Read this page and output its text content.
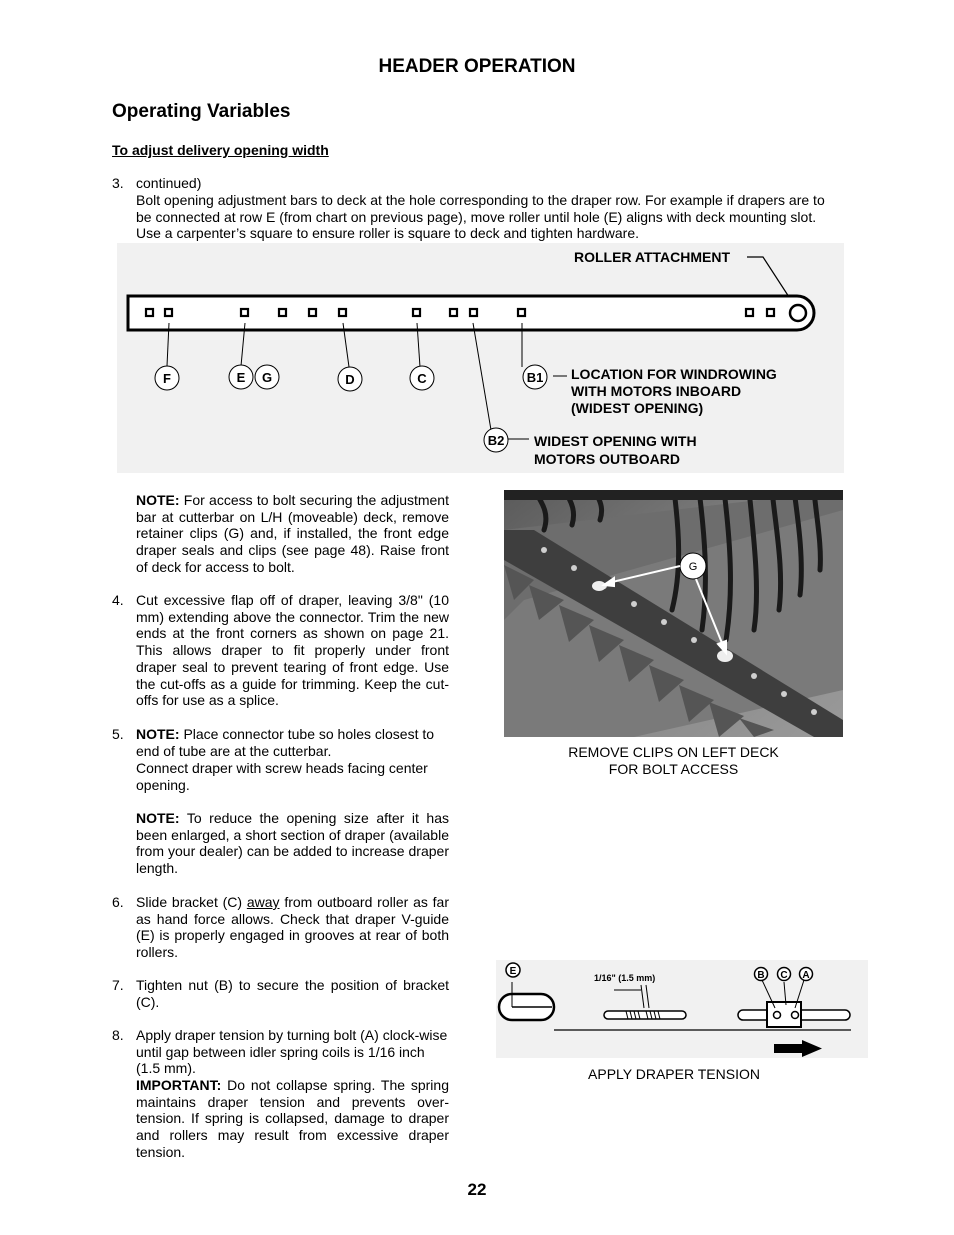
HEADER OPERATION
Operating Variables
To adjust delivery opening width
3. continued)
Bolt opening adjustment bars to deck at the hole corresponding to the draper row. For example if drapers are to be connected at row E (from chart on previous page), move roller until hole (E) aligns with deck mounting slot. Use a carpenter’s square to ensure roller is square to deck and tighten hardware.
ROLLER ATTACHMENT
F	E G	D	C	B1
B2
LOCATION FOR WINDROWING
WITH MOTORS INBOARD
(WIDEST OPENING)
WIDEST OPENING WITH
MOTORS OUTBOARD
NOTE: For access to bolt securing the adjustment bar at cutterbar on L/H (moveable) deck, remove retainer clips (G) and, if installed, the front edge draper seals and clips (see page 48). Raise front of deck for access to bolt.
4. Cut excessive flap off of draper, leaving 3/8" (10 mm) extending above the connector. Trim the new ends at the front corners as shown on page 21. This allows draper to fit properly under front draper seal to prevent tearing of front edge. Use the cut-offs as a guide for trimming. Keep the cut-offs for use as a splice.
5. NOTE: Place connector tube so holes closest to end of tube are at the cutterbar.
Connect draper with screw heads facing center opening.
NOTE: To reduce the opening size after it has been enlarged, a short section of draper (available from your dealer) can be added to increase draper length.
6. Slide bracket (C) away from outboard roller as far as hand force allows. Check that draper V-guide (E) is properly engaged in grooves at rear of both rollers.
7. Tighten nut (B) to secure the position of bracket (C).
8. Apply draper tension by turning bolt (A) clock-wise until gap between idler spring coils is 1/16 inch (1.5 mm).
IMPORTANT: Do not collapse spring. The spring maintains draper tension and prevents over-tension. If spring is collapsed, damage to draper and rollers may result from excessive draper tension.
G
REMOVE CLIPS ON LEFT DECK
FOR BOLT ACCESS
E
1/16" (1.5 mm)	B C A
APPLY DRAPER TENSION
22
